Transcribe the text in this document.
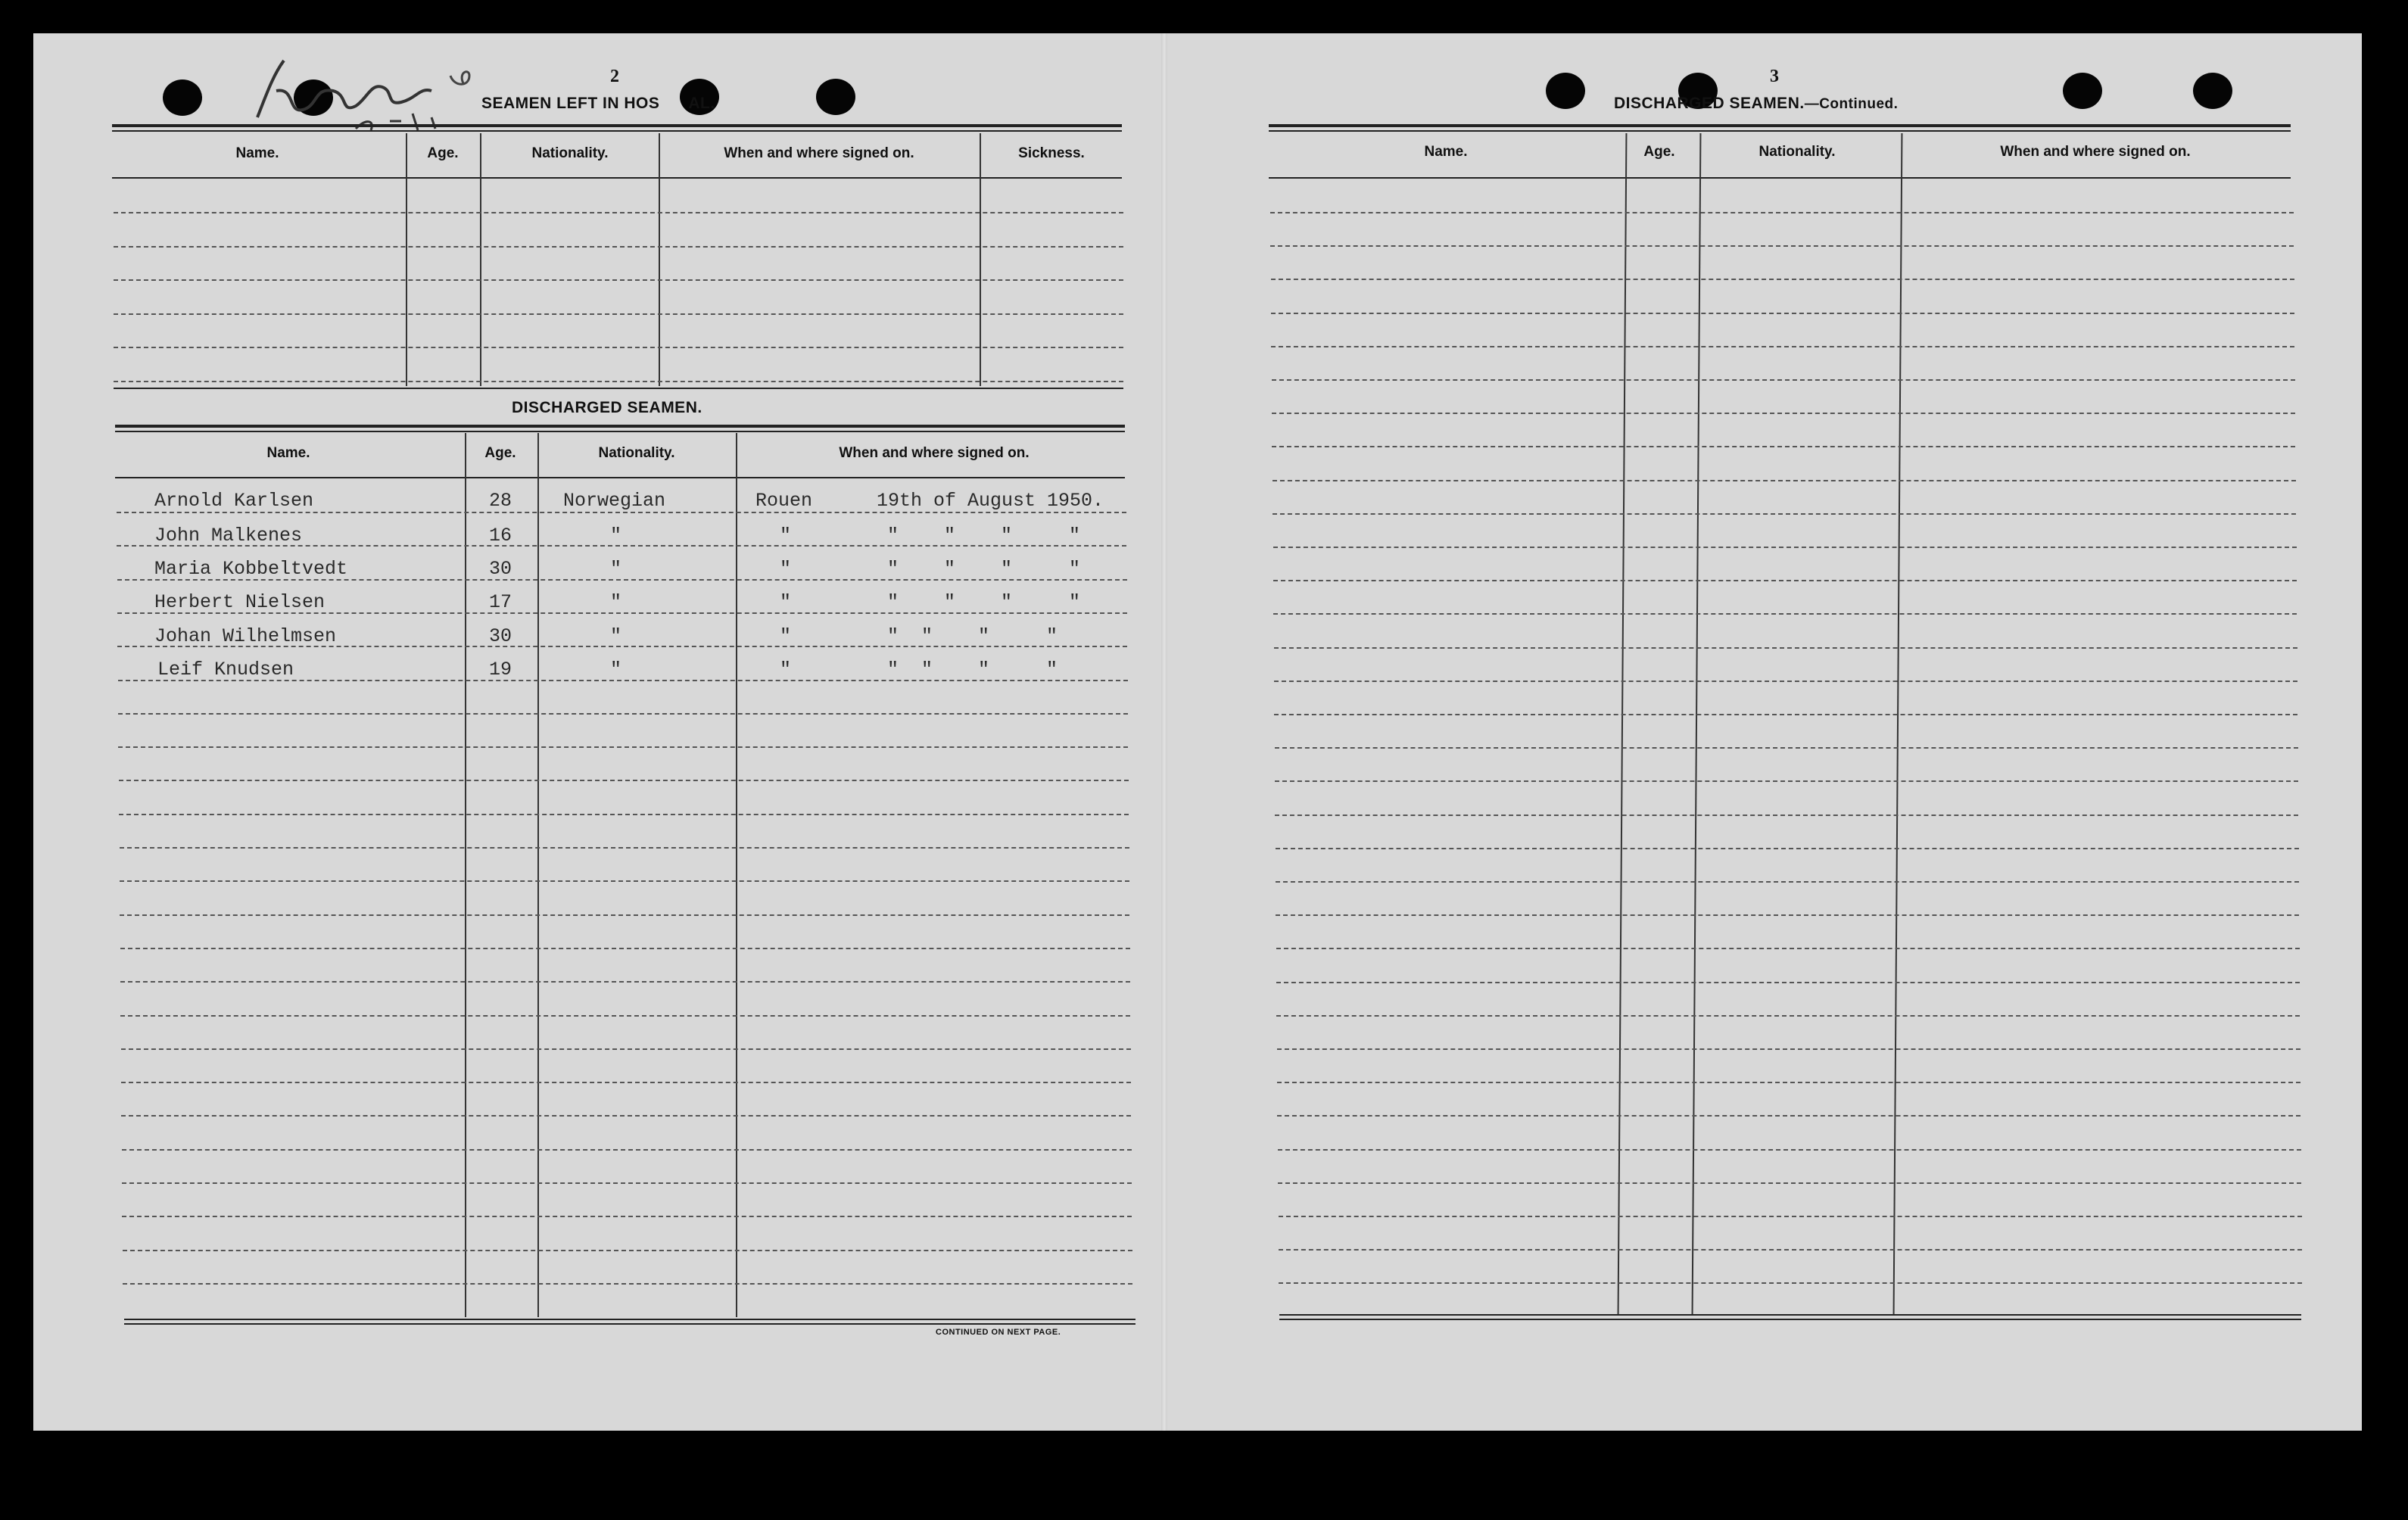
2
SEAMEN LEFT IN HOS AL.
Name.	Age.	Nationality.	When and where signed on.	Sickness.
DISCHARGED SEAMEN.
Name.	Age.	Nationality.	When and where signed on.
Arnold Karlsen	28	Norwegian	Rouen	19th of August 1950.
John Malkenes	16	"	"	"    "    "     "
Maria Kobbeltvedt	30	"	"	"    "    "     "
Herbert Nielsen	17	"	"	"    "    "     "
Johan Wilhelmsen	30	"	"	"  "    "     "
Leif Knudsen	19	"	"	"  "    "     "
CONTINUED ON NEXT PAGE.
3
DISCHARGED SEAMEN.—Continued.
Name.	Age.	Nationality.	When and where signed on.
